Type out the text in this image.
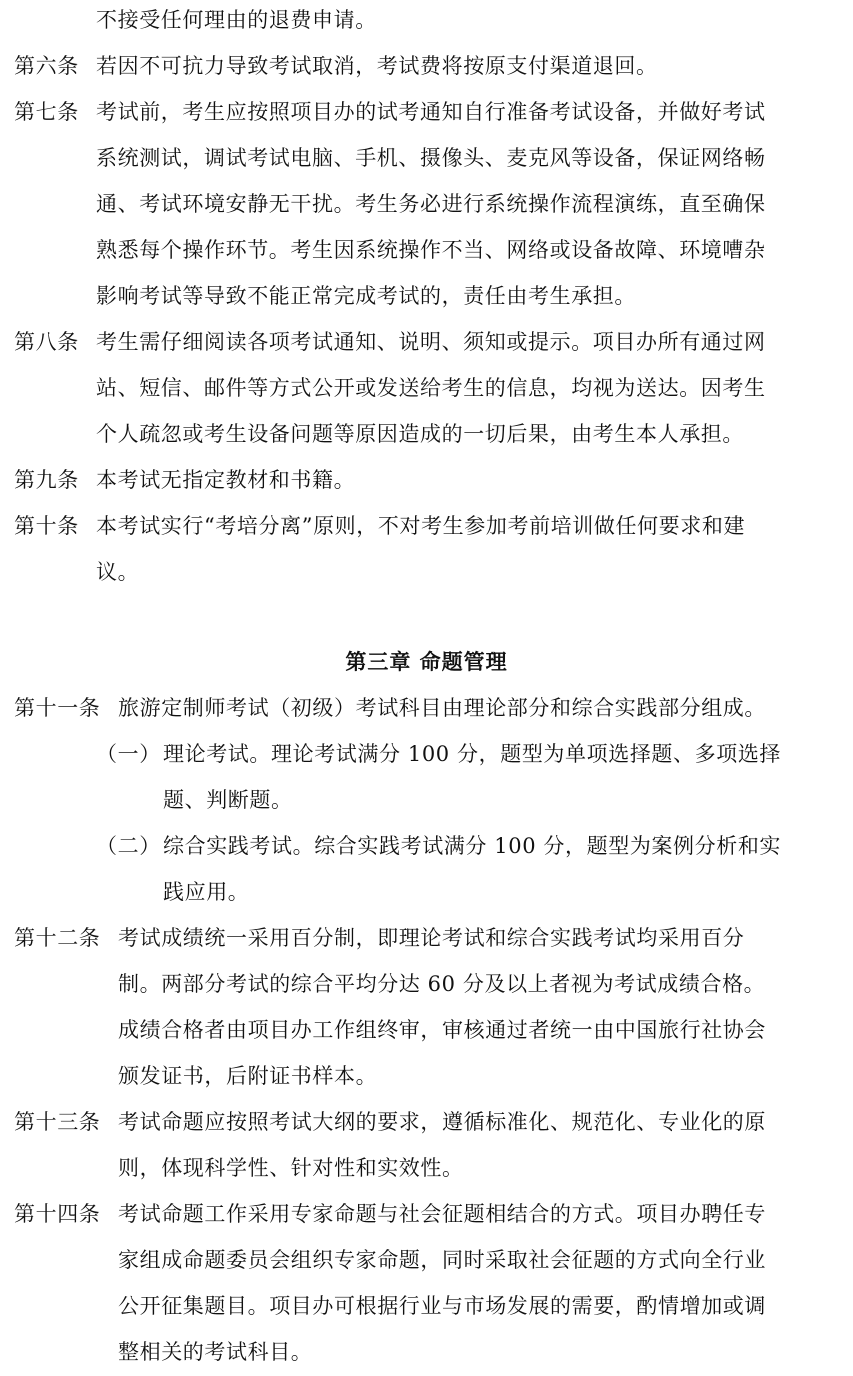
不接受任何理由的退费申请。
第六条 若因不可抗力导致考试取消，考试费将按原支付渠道退回。
第七条 考试前，考生应按照项目办的试考通知自行准备考试设备，并做好考试
系统测试，调试考试电脑、手机、摄像头、麦克风等设备，保证网络畅
通、考试环境安静无干扰。考生务必进行系统操作流程演练，直至确保
熟悉每个操作环节。考生因系统操作不当、网络或设备故障、环境嘈杂
影响考试等导致不能正常完成考试的，责任由考生承担。
第八条 考生需仔细阅读各项考试通知、说明、须知或提示。项目办所有通过网
站、短信、邮件等方式公开或发送给考生的信息，均视为送达。因考生
个人疏忽或考生设备问题等原因造成的一切后果，由考生本人承担。
第九条 本考试无指定教材和书籍。
第十条 本考试实行“考培分离”原则，不对考生参加考前培训做任何要求和建
议。
第三章 命题管理
第十一条 旅游定制师考试（初级）考试科目由理论部分和综合实践部分组成。
（一） 理论考试。理论考试满分 100 分，题型为单项选择题、多项选择
题、判断题。
（二） 综合实践考试。综合实践考试满分 100 分，题型为案例分析和实
践应用。
第十二条 考试成绩统一采用百分制，即理论考试和综合实践考试均采用百分
制。两部分考试的综合平均分达 60 分及以上者视为考试成绩合格。
成绩合格者由项目办工作组终审，审核通过者统一由中国旅行社协会
颁发证书，后附证书样本。
第十三条 考试命题应按照考试大纲的要求，遵循标准化、规范化、专业化的原
则，体现科学性、针对性和实效性。
第十四条 考试命题工作采用专家命题与社会征题相结合的方式。项目办聘任专
家组成命题委员会组织专家命题，同时采取社会征题的方式向全行业
公开征集题目。项目办可根据行业与市场发展的需要，酌情增加或调
整相关的考试科目。
